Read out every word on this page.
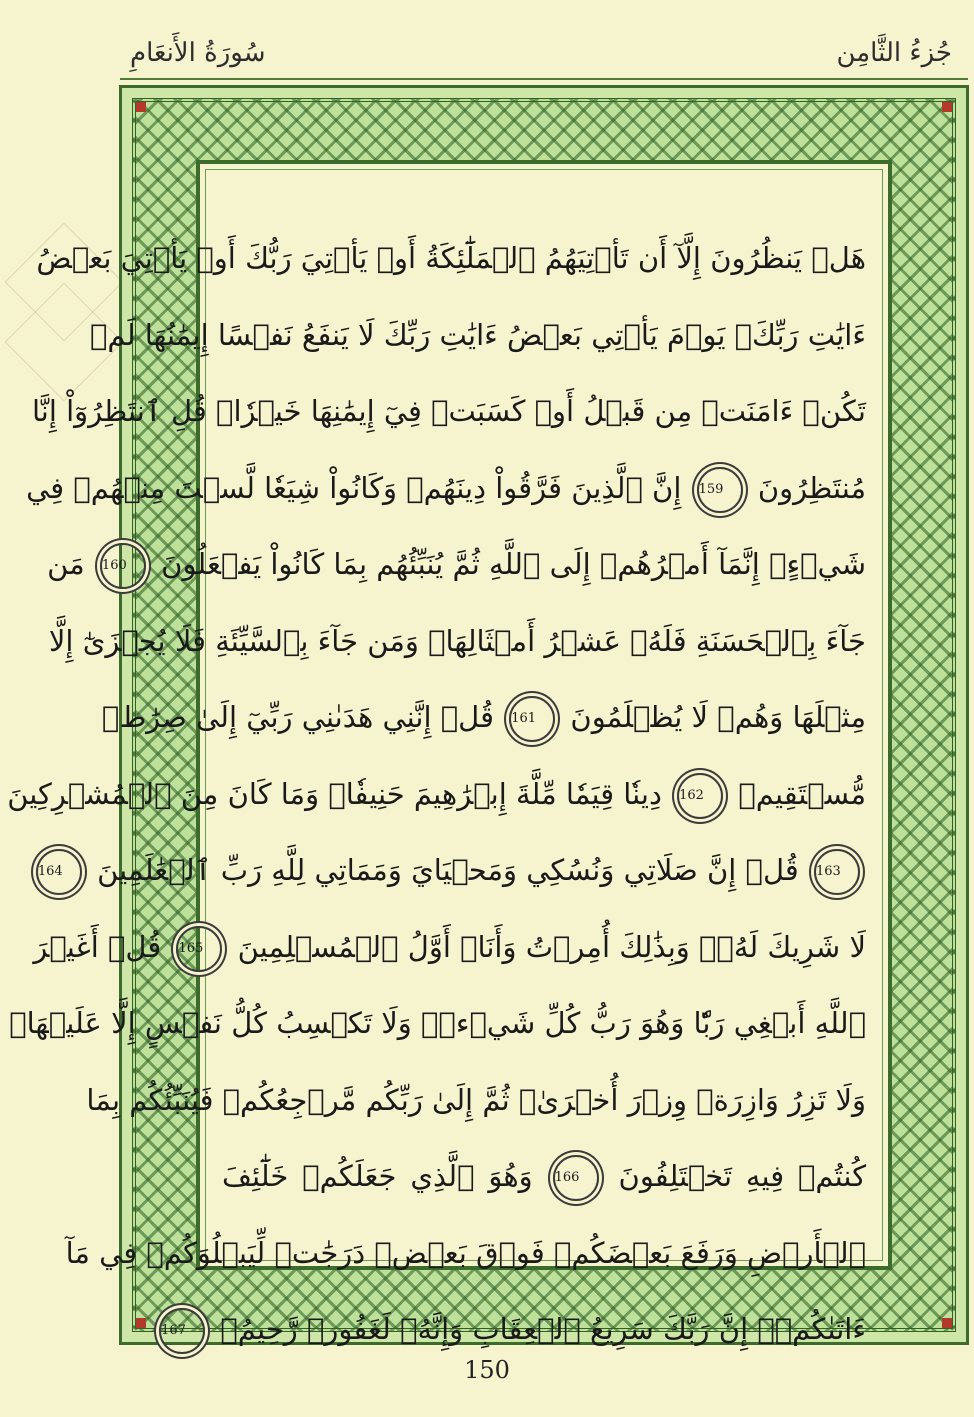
سُورَةُ الأَنعَامِ	جُزءُ الثَّامِن
هَلۡ يَنظُرُونَ إِلَّآ أَن تَأۡتِيَهُمُ ٱلۡمَلَٰٓئِكَةُ أَوۡ يَأۡتِيَ رَبُّكَ أَوۡ يَأۡتِيَ بَعۡضُ
ءَايَٰتِ رَبِّكَۗ يَوۡمَ يَأۡتِي بَعۡضُ ءَايَٰتِ رَبِّكَ لَا يَنفَعُ نَفۡسًا إِيمَٰنُهَا لَمۡ
تَكُنۡ ءَامَنَتۡ مِن قَبۡلُ أَوۡ كَسَبَتۡ فِيٓ إِيمَٰنِهَا خَيۡرٗاۗ قُلِ ٱنتَظِرُوٓاْ إِنَّا
مُنتَظِرُونَ 159 إِنَّ ٱلَّذِينَ فَرَّقُواْ دِينَهُمۡ وَكَانُواْ شِيَعٗا لَّسۡتَ مِنۡهُمۡ فِي
شَيۡءٍۚ إِنَّمَآ أَمۡرُهُمۡ إِلَى ٱللَّهِ ثُمَّ يُنَبِّئُهُم بِمَا كَانُواْ يَفۡعَلُونَ 160 مَن
جَآءَ بِٱلۡحَسَنَةِ فَلَهُۥ عَشۡرُ أَمۡثَالِهَاۖ وَمَن جَآءَ بِٱلسَّيِّئَةِ فَلَا يُجۡزَىٰٓ إِلَّا
مِثۡلَهَا وَهُمۡ لَا يُظۡلَمُونَ 161 قُلۡ إِنَّنِي هَدَىٰنِي رَبِّيٓ إِلَىٰ صِرَٰطٖ
مُّسۡتَقِيمٖ 162 دِينٗا قِيَمٗا مِّلَّةَ إِبۡرَٰهِيمَ حَنِيفٗاۚ وَمَا كَانَ مِنَ ٱلۡمُشۡرِكِينَ
163 قُلۡ إِنَّ صَلَاتِي وَنُسُكِي وَمَحۡيَايَ وَمَمَاتِي لِلَّهِ رَبِّ ٱلۡعَٰلَمِينَ 164
لَا شَرِيكَ لَهُۥۖ وَبِذَٰلِكَ أُمِرۡتُ وَأَنَا۠ أَوَّلُ ٱلۡمُسۡلِمِينَ 165 قُلۡ أَغَيۡرَ
ٱللَّهِ أَبۡغِي رَبّٗا وَهُوَ رَبُّ كُلِّ شَيۡءٖۚ وَلَا تَكۡسِبُ كُلُّ نَفۡسٍ إِلَّا عَلَيۡهَاۚ
وَلَا تَزِرُ وَازِرَةٞ وِزۡرَ أُخۡرَىٰۚ ثُمَّ إِلَىٰ رَبِّكُم مَّرۡجِعُكُمۡ فَيُنَبِّئُكُم بِمَا
كُنتُمۡ فِيهِ تَخۡتَلِفُونَ 166 وَهُوَ ٱلَّذِي جَعَلَكُمۡ خَلَٰٓئِفَ
ٱلۡأَرۡضِ وَرَفَعَ بَعۡضَكُمۡ فَوۡقَ بَعۡضٖ دَرَجَٰتٖ لِّيَبۡلُوَكُمۡ فِي مَآ
ءَاتَىٰكُمۡۗ إِنَّ رَبَّكَ سَرِيعُ ٱلۡعِقَابِ وَإِنَّهُۥ لَغَفُورٞ رَّحِيمُۢ 167
150
